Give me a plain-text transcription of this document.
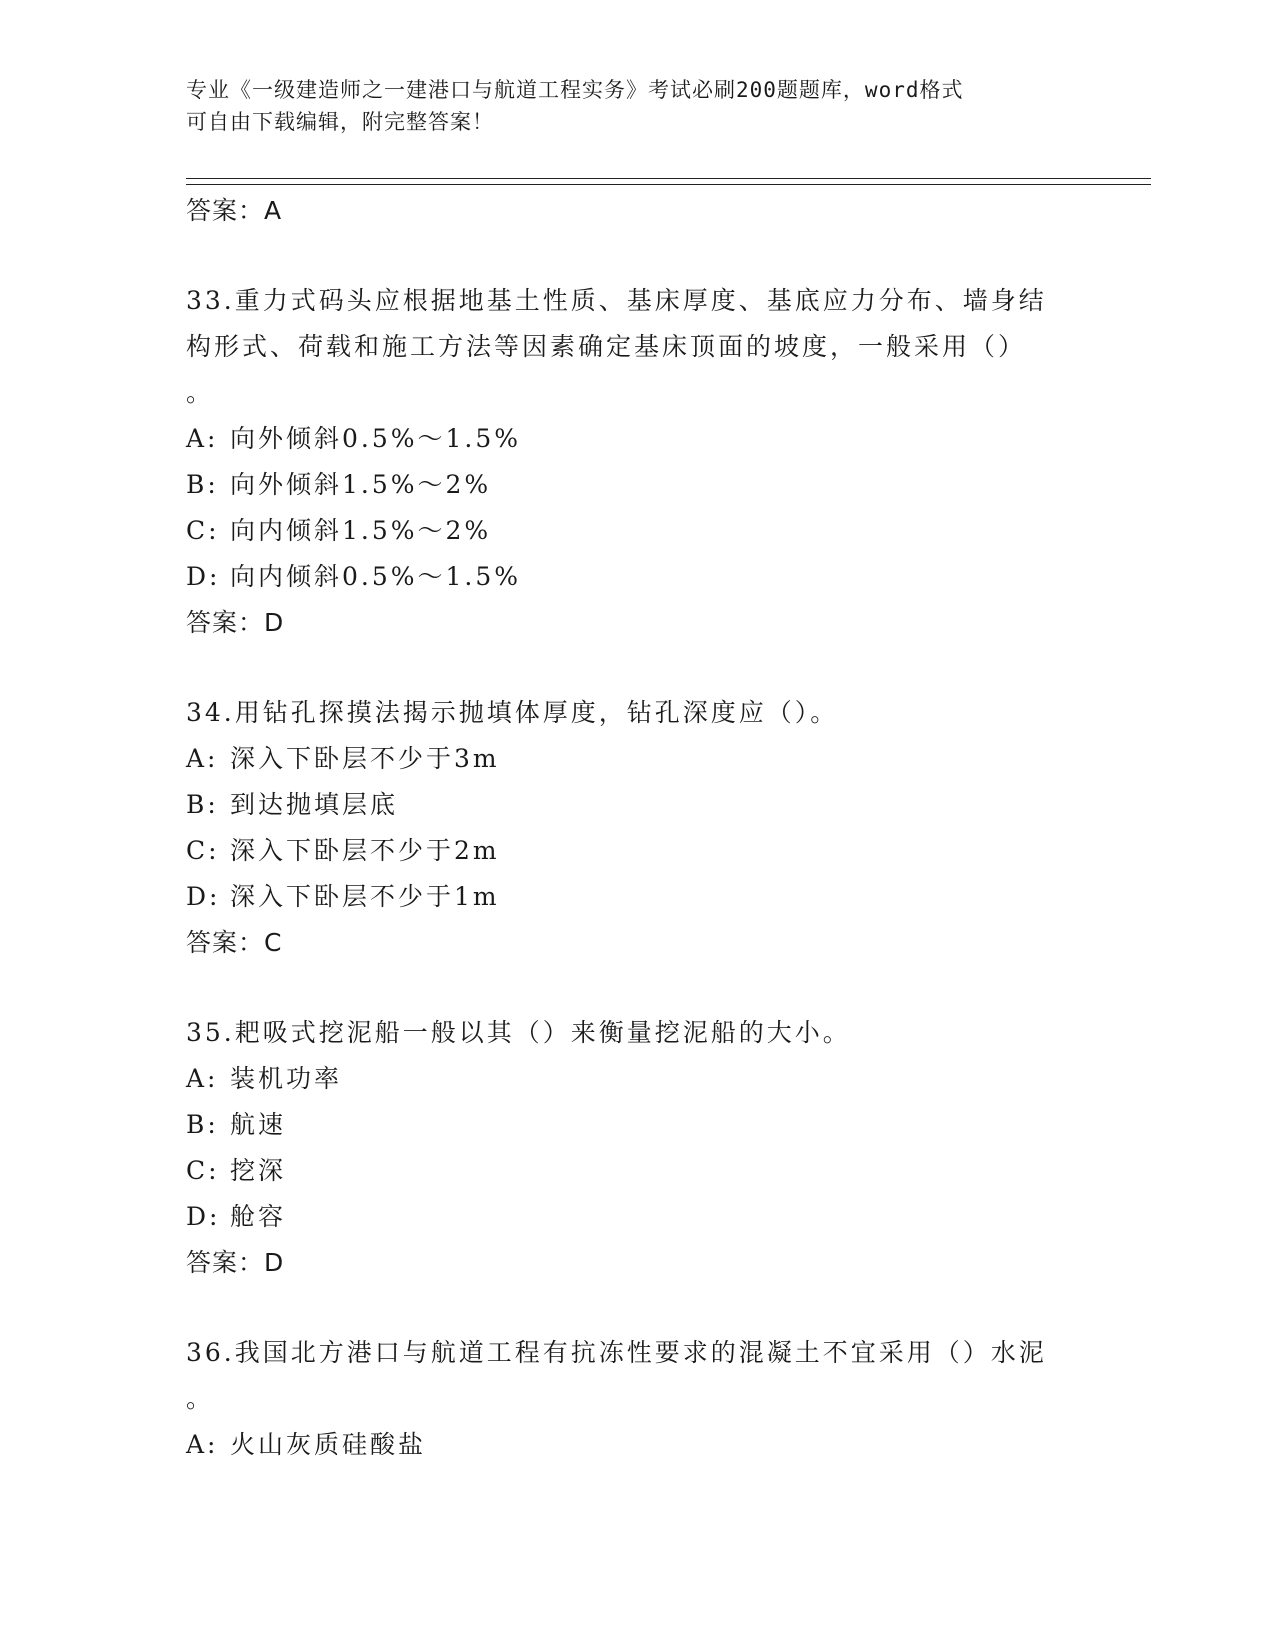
专业《一级建造师之一建港口与航道工程实务》考试必刷200题题库，word格式
可自由下载编辑，附完整答案！
答案：A
33.重力式码头应根据地基土性质、基床厚度、基底应力分布、墙身结
构形式、荷载和施工方法等因素确定基床顶面的坡度，一般采用（）
。
A: 向外倾斜0.5%～1.5%
B: 向外倾斜1.5%～2%
C: 向内倾斜1.5%～2%
D: 向内倾斜0.5%～1.5%
答案：D
34.用钻孔探摸法揭示抛填体厚度，钻孔深度应（）。
A: 深入下卧层不少于3m
B: 到达抛填层底
C: 深入下卧层不少于2m
D: 深入下卧层不少于1m
答案：C
35.耙吸式挖泥船一般以其（）来衡量挖泥船的大小。
A: 装机功率
B: 航速
C: 挖深
D: 舱容
答案：D
36.我国北方港口与航道工程有抗冻性要求的混凝土不宜采用（）水泥
。
A: 火山灰质硅酸盐
